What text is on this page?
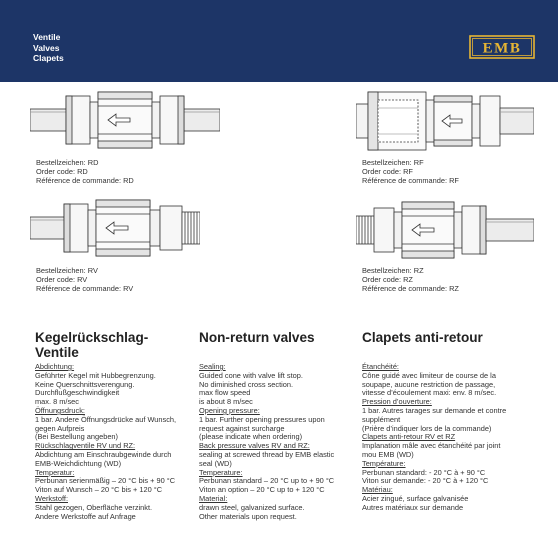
Ventile
Valves
Clapets
EMB
Bestellzeichen: RD
Order code: RD
Référence de commande: RD
Bestellzeichen: RF
Order code: RF
Référence de commande: RF
Bestellzeichen: RV
Order code: RV
Référence de commande: RV
Bestellzeichen: RZ
Order code: RZ
Référence de commande: RZ
Kegelrückschlag-
Ventile
Non-return valves	Clapets anti-retour
Abdichtung:
Geführter Kegel mit Hubbegrenzung.
Keine Querschnittsverengung.
Durchflußgeschwindigkeit
max. 8 m/sec
Öffnungsdruck:
1 bar. Andere Öffnungsdrücke auf Wunsch,
gegen Aufpreis
(Bei Bestellung angeben)
Rückschlagventile RV und RZ:
Abdichtung am Einschraubgewinde durch
EMB-Weichdichtung (WD)
Temperatur:
Perbunan serienmäßig – 20 °C bis + 90 °C
Viton auf Wunsch – 20 °C bis + 120 °C
Werkstoff:
Stahl gezogen, Oberfläche verzinkt.
Andere Werkstoffe auf Anfrage
Sealing:
Guided cone with valve lift stop.
No diminished cross section.
max flow speed
is about 8 m/sec
Opening pressure:
1 bar. Further opening pressures upon
request against surcharge
(please indicate when ordering)
Back pressure valves RV and RZ:
sealing at screwed thread by EMB elastic
seal (WD)
Temperature:
Perbunan standard – 20 °C up to + 90 °C
Viton an option – 20 °C up to + 120 °C
Material:
drawn steel, galvanized surface.
Other materials upon request.
Étanchéité:
Cône guidé avec limiteur de course de la
soupape, aucune restriction de passage,
vitesse d’écoulement maxi: env. 8 m/sec.
Pression d’ouverture:
1 bar. Autres tarages sur demande et contre
supplément
(Prière d’indiquer lors de la commande)
Clapets anti-retour RV et RZ
Implanation mâle avec étanchéité par joint
mou EMB (WD)
Température:
Perbunan standard: - 20 °C à + 90 °C
Viton sur demande: - 20 °C à + 120 °C
Matériau:
Acier zingué, surface galvanisée
Autres matériaux sur demande
